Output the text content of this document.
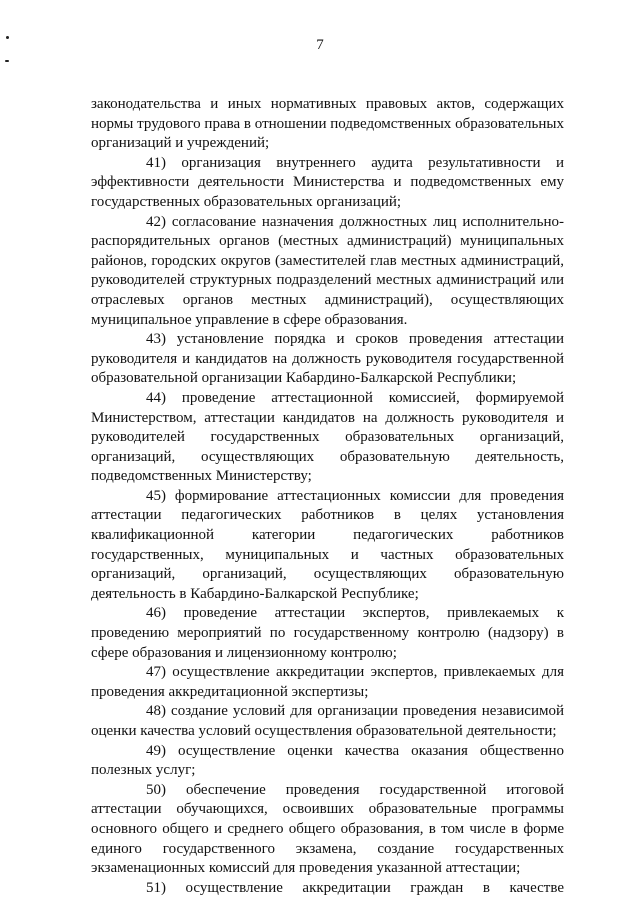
7

законодательства и иных нормативных правовых актов, содержащих нормы трудового права в отношении подведомственных образовательных организаций и учреждений;

41) организация внутреннего аудита результативности и эффективности деятельности Министерства и подведомственных ему государственных образовательных организаций;

42) согласование назначения должностных лиц исполнительно-распорядительных органов (местных администраций) муниципальных районов, городских округов (заместителей глав местных администраций, руководителей структурных подразделений местных администраций или отраслевых органов местных администраций), осуществляющих муниципальное управление в сфере образования.

43) установление порядка и сроков проведения аттестации руководителя и кандидатов на должность руководителя государственной образовательной организации Кабардино-Балкарской Республики;

44) проведение аттестационной комиссией, формируемой Министерством, аттестации кандидатов на должность руководителя и руководителей государственных образовательных организаций, организаций, осуществляющих образовательную деятельность, подведомственных Министерству;

45) формирование аттестационных комиссии для проведения аттестации педагогических работников в целях установления квалификационной категории педагогических работников государственных, муниципальных и частных образовательных организаций, организаций, осуществляющих образовательную деятельность в Кабардино-Балкарской Республике;

46) проведение аттестации экспертов, привлекаемых к проведению мероприятий по государственному контролю (надзору) в сфере образования и лицензионному контролю;

47) осуществление аккредитации экспертов, привлекаемых для проведения аккредитационной экспертизы;

48) создание условий для организации проведения независимой оценки качества условий осуществления образовательной деятельности;

49) осуществление оценки качества оказания общественно полезных услуг;

50) обеспечение проведения государственной итоговой аттестации обучающихся, освоивших образовательные программы основного общего и среднего общего образования, в том числе в форме единого государственного экзамена, создание государственных экзаменационных комиссий для проведения указанной аттестации;

51) осуществление аккредитации граждан в качестве
